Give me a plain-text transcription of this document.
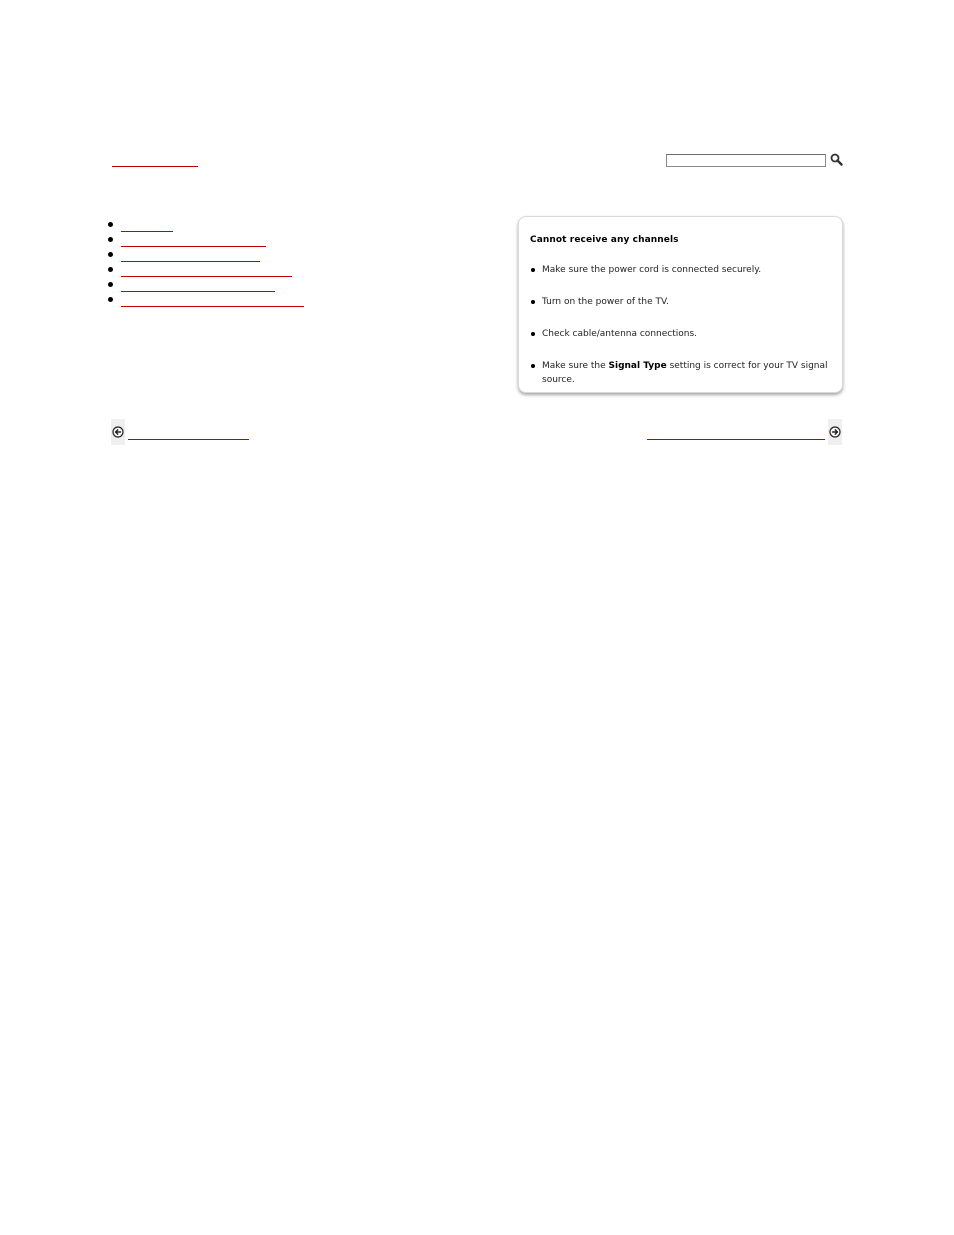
Cannot receive any channels
Make sure the power cord is connected securely.
Turn on the power of the TV.
Check cable/antenna connections.
Make sure the Signal Type setting is correct for your TV signal source.
